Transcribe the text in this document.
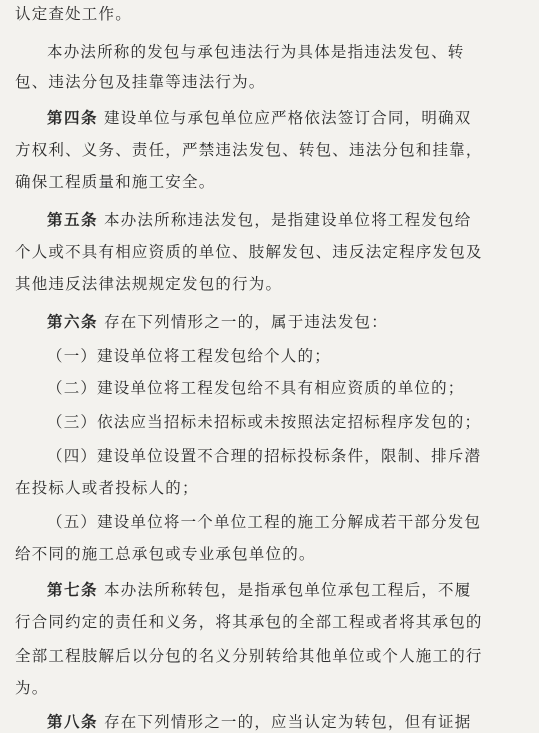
认定查处工作。
本办法所称的发包与承包违法行为具体是指违法发包、转
包、违法分包及挂靠等违法行为。
第四条 建设单位与承包单位应严格依法签订合同，明确双
方权利、义务、责任，严禁违法发包、转包、违法分包和挂靠，
确保工程质量和施工安全。
第五条 本办法所称违法发包，是指建设单位将工程发包给
个人或不具有相应资质的单位、肢解发包、违反法定程序发包及
其他违反法律法规规定发包的行为。
第六条 存在下列情形之一的，属于违法发包：
（一）建设单位将工程发包给个人的；
（二）建设单位将工程发包给不具有相应资质的单位的；
（三）依法应当招标未招标或未按照法定招标程序发包的；
（四）建设单位设置不合理的招标投标条件，限制、排斥潜
在投标人或者投标人的；
（五）建设单位将一个单位工程的施工分解成若干部分发包
给不同的施工总承包或专业承包单位的。
第七条 本办法所称转包，是指承包单位承包工程后，不履
行合同约定的责任和义务，将其承包的全部工程或者将其承包的
全部工程肢解后以分包的名义分别转给其他单位或个人施工的行
为。
第八条 存在下列情形之一的，应当认定为转包，但有证据
